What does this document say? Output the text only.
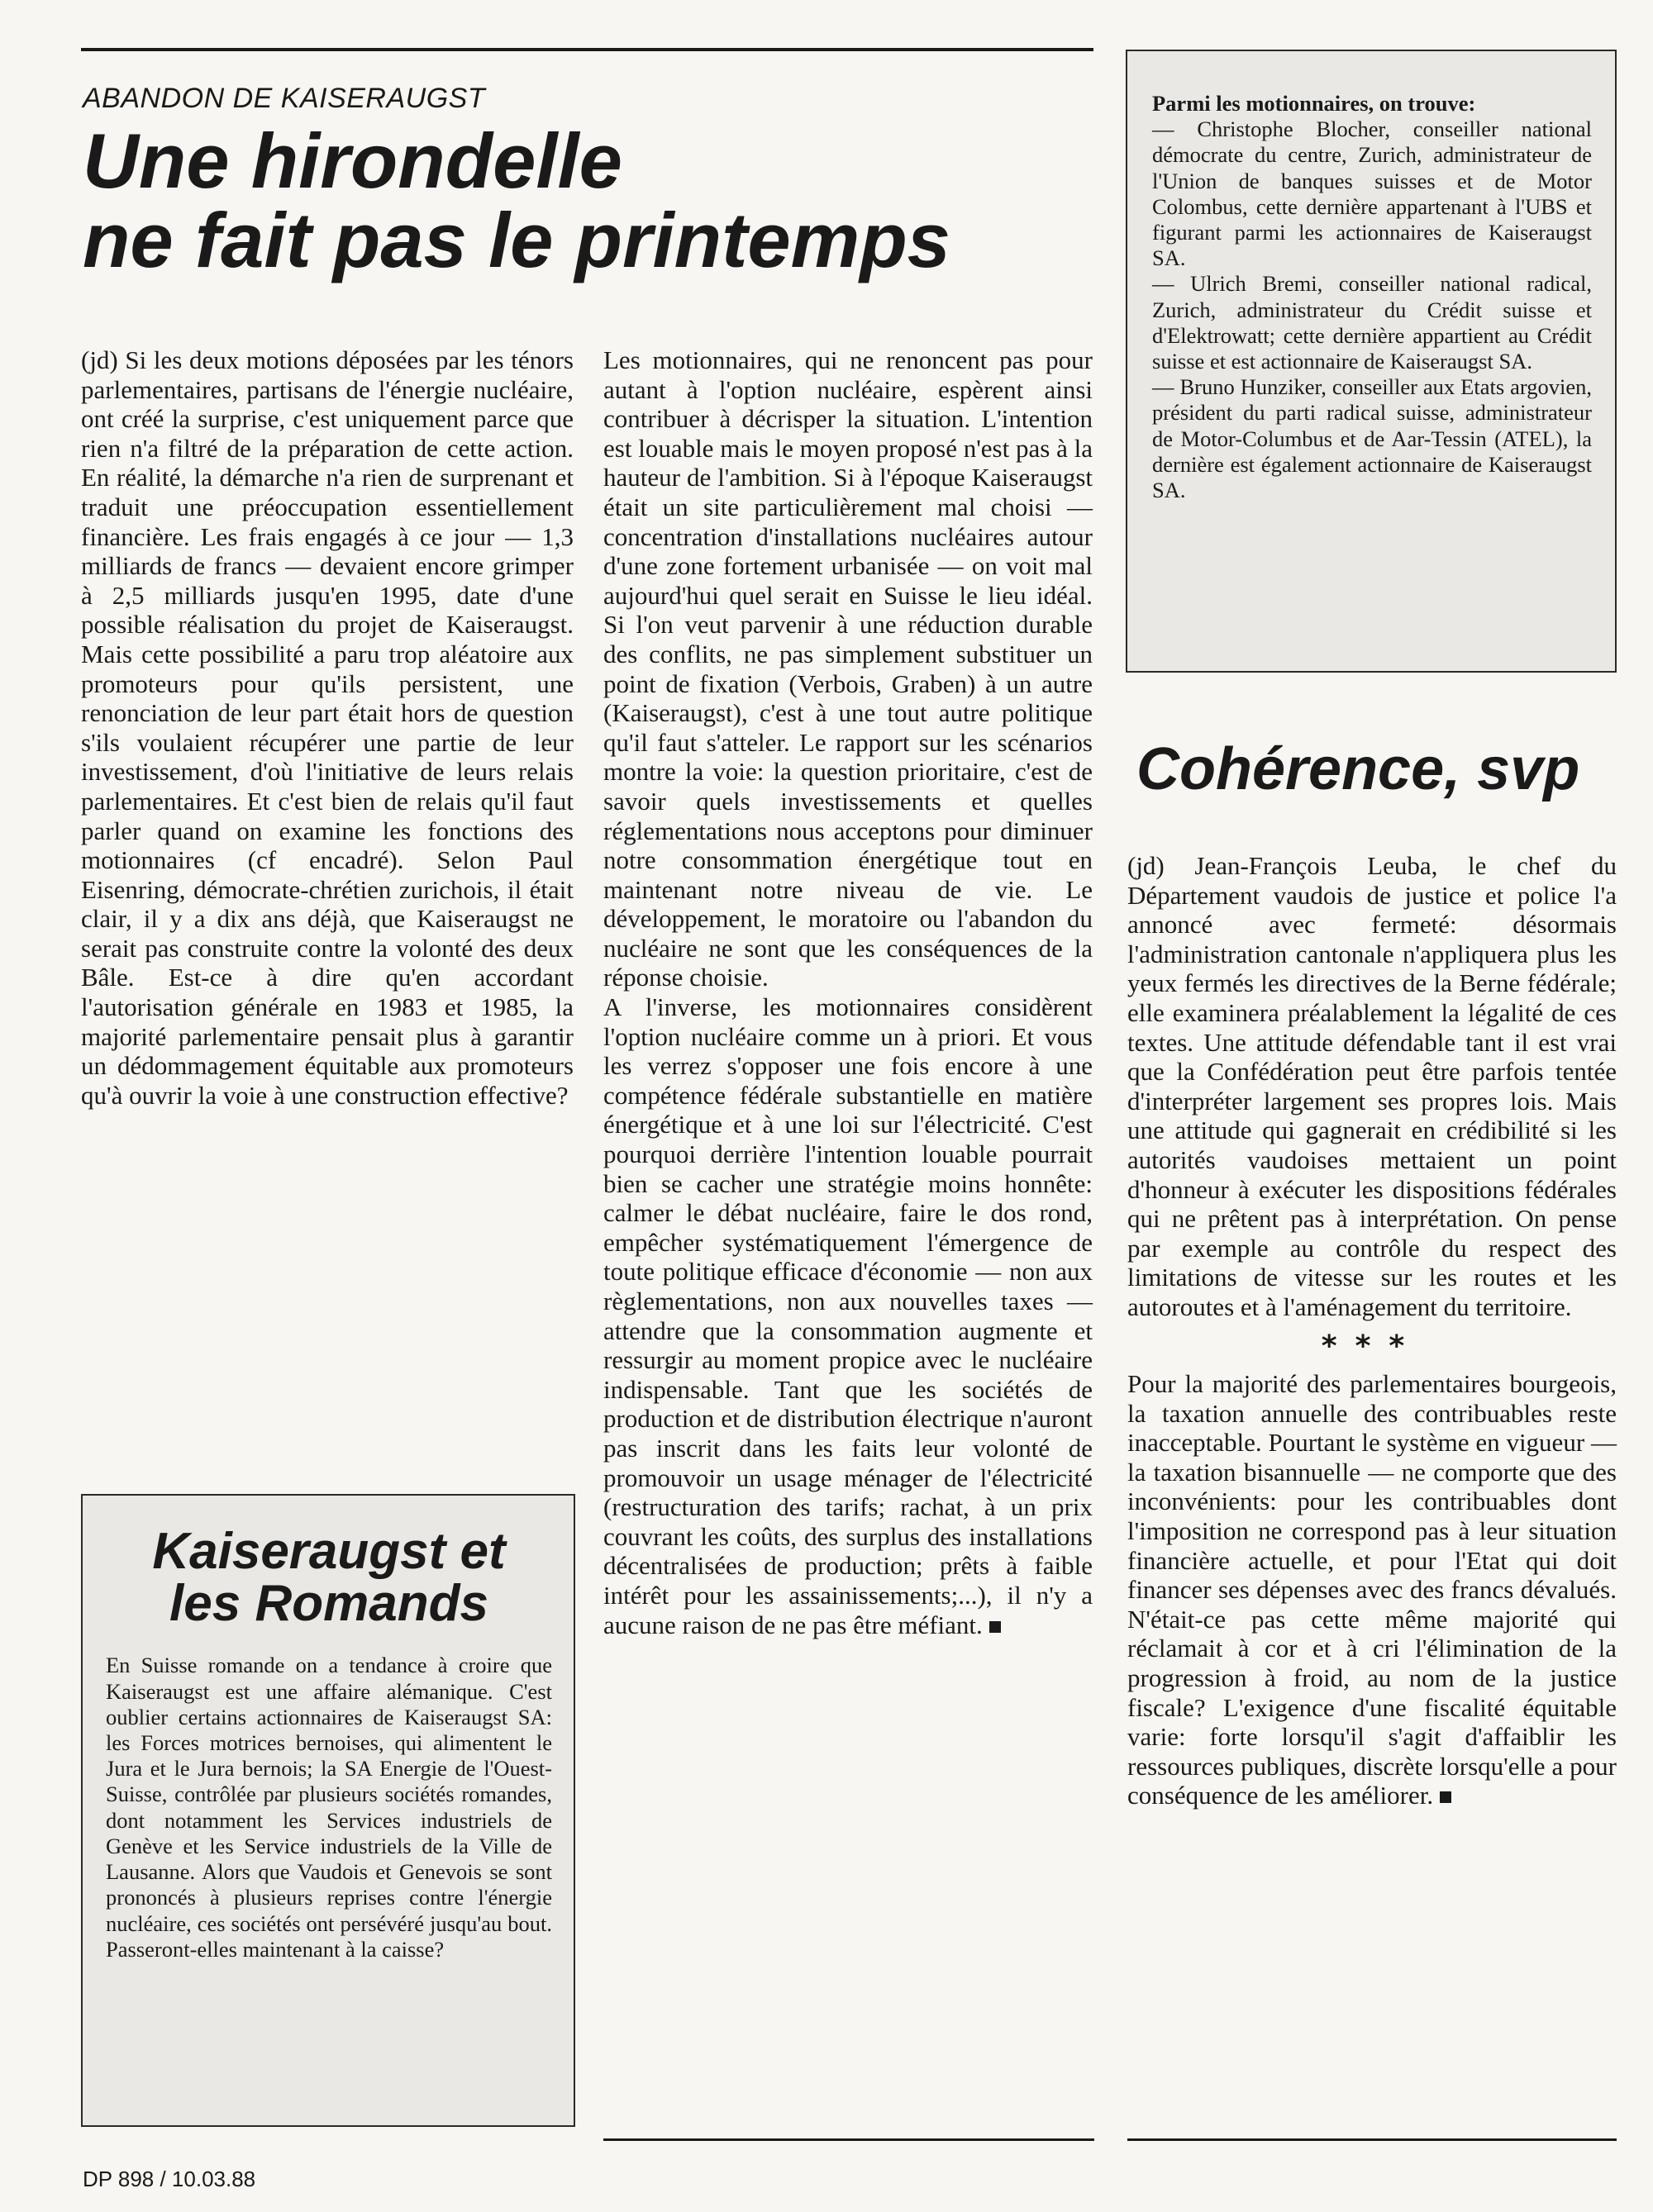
ABANDON DE KAISERAUGST
Une hirondelle
ne fait pas le printemps

(jd) Si les deux motions déposées par les ténors parlementaires, partisans de l'énergie nucléaire, ont créé la surprise, c'est uniquement parce que rien n'a filtré de la préparation de cette action. En réalité, la démarche n'a rien de surprenant et traduit une préoccupation essentiellement financière. Les frais engagés à ce jour — 1,3 milliards de francs — devaient encore grimper à 2,5 milliards jusqu'en 1995, date d'une possible réalisation du projet de Kaiseraugst. Mais cette possibilité a paru trop aléatoire aux promoteurs pour qu'ils persistent, une renonciation de leur part était hors de question s'ils voulaient récupérer une partie de leur investissement, d'où l'initiative de leurs relais parlementaires. Et c'est bien de relais qu'il faut parler quand on examine les fonctions des motionnaires (cf encadré). Selon Paul Eisenring, démocrate-chrétien zurichois, il était clair, il y a dix ans déjà, que Kaiseraugst ne serait pas construite contre la volonté des deux Bâle. Est-ce à dire qu'en accordant l'autorisation générale en 1983 et 1985, la majorité parlementaire pensait plus à garantir un dédommagement équitable aux promoteurs qu'à ouvrir la voie à une construction effective?

Les motionnaires, qui ne renoncent pas pour autant à l'option nucléaire, espèrent ainsi contribuer à décrisper la situation. L'intention est louable mais le moyen proposé n'est pas à la hauteur de l'ambition. Si à l'époque Kaiseraugst était un site particulièrement mal choisi — concentration d'installations nucléaires autour d'une zone fortement urbanisée — on voit mal aujourd'hui quel serait en Suisse le lieu idéal. Si l'on veut parvenir à une réduction durable des conflits, ne pas simplement substituer un point de fixation (Verbois, Graben) à un autre (Kaiseraugst), c'est à une tout autre politique qu'il faut s'atteler. Le rapport sur les scénarios montre la voie: la question prioritaire, c'est de savoir quels investissements et quelles réglementations nous acceptons pour diminuer notre consommation énergétique tout en maintenant notre niveau de vie. Le développement, le moratoire ou l'abandon du nucléaire ne sont que les conséquences de la réponse choisie.

A l'inverse, les motionnaires considèrent l'option nucléaire comme un à priori. Et vous les verrez s'opposer une fois encore à une compétence fédérale substantielle en matière énergétique et à une loi sur l'électricité. C'est pourquoi derrière l'intention louable pourrait bien se cacher une stratégie moins honnête: calmer le débat nucléaire, faire le dos rond, empêcher systématiquement l'émergence de toute politique efficace d'économie — non aux règlementations, non aux nouvelles taxes — attendre que la consommation augmente et ressurgir au moment propice avec le nucléaire indispensable. Tant que les sociétés de production et de distribution électrique n'auront pas inscrit dans les faits leur volonté de promouvoir un usage ménager de l'électricité (restructuration des tarifs; rachat, à un prix couvrant les coûts, des surplus des installations décentralisées de production; prêts à faible intérêt pour les assainissements;...), il n'y a aucune raison de ne pas être méfiant.

Parmi les motionnaires, on trouve:

— Christophe Blocher, conseiller national démocrate du centre, Zurich, administrateur de l'Union de banques suisses et de Motor Colombus, cette dernière appartenant à l'UBS et figurant parmi les actionnaires de Kaiseraugst SA.

— Ulrich Bremi, conseiller national radical, Zurich, administrateur du Crédit suisse et d'Elektrowatt; cette dernière appartient au Crédit suisse et est actionnaire de Kaiseraugst SA.

— Bruno Hunziker, conseiller aux Etats argovien, président du parti radical suisse, administrateur de Motor-Columbus et de Aar-Tessin (ATEL), la dernière est également actionnaire de Kaiseraugst SA.

Kaiseraugst et
les Romands

En Suisse romande on a tendance à croire que Kaiseraugst est une affaire alémanique. C'est oublier certains actionnaires de Kaiseraugst SA: les Forces motrices bernoises, qui alimentent le Jura et le Jura bernois; la SA Energie de l'Ouest-Suisse, contrôlée par plusieurs sociétés romandes, dont notamment les Services industriels de Genève et les Service industriels de la Ville de Lausanne. Alors que Vaudois et Genevois se sont prononcés à plusieurs reprises contre l'énergie nucléaire, ces sociétés ont persévéré jusqu'au bout. Passeront-elles maintenant à la caisse?

Cohérence, svp

(jd) Jean-François Leuba, le chef du Département vaudois de justice et police l'a annoncé avec fermeté: désormais l'administration cantonale n'appliquera plus les yeux fermés les directives de la Berne fédérale; elle examinera préalablement la légalité de ces textes. Une attitude défendable tant il est vrai que la Confédération peut être parfois tentée d'interpréter largement ses propres lois. Mais une attitude qui gagnerait en crédibilité si les autorités vaudoises mettaient un point d'honneur à exécuter les dispositions fédérales qui ne prêtent pas à interprétation. On pense par exemple au contrôle du respect des limitations de vitesse sur les routes et les autoroutes et à l'aménagement du territoire.

***

Pour la majorité des parlementaires bourgeois, la taxation annuelle des contribuables reste inacceptable. Pourtant le système en vigueur — la taxation bisannuelle — ne comporte que des inconvénients: pour les contribuables dont l'imposition ne correspond pas à leur situation financière actuelle, et pour l'Etat qui doit financer ses dépenses avec des francs dévalués. N'était-ce pas cette même majorité qui réclamait à cor et à cri l'élimination de la progression à froid, au nom de la justice fiscale? L'exigence d'une fiscalité équitable varie: forte lorsqu'il s'agit d'affaiblir les ressources publiques, discrète lorsqu'elle a pour conséquence de les améliorer.

DP 898 / 10.03.88
